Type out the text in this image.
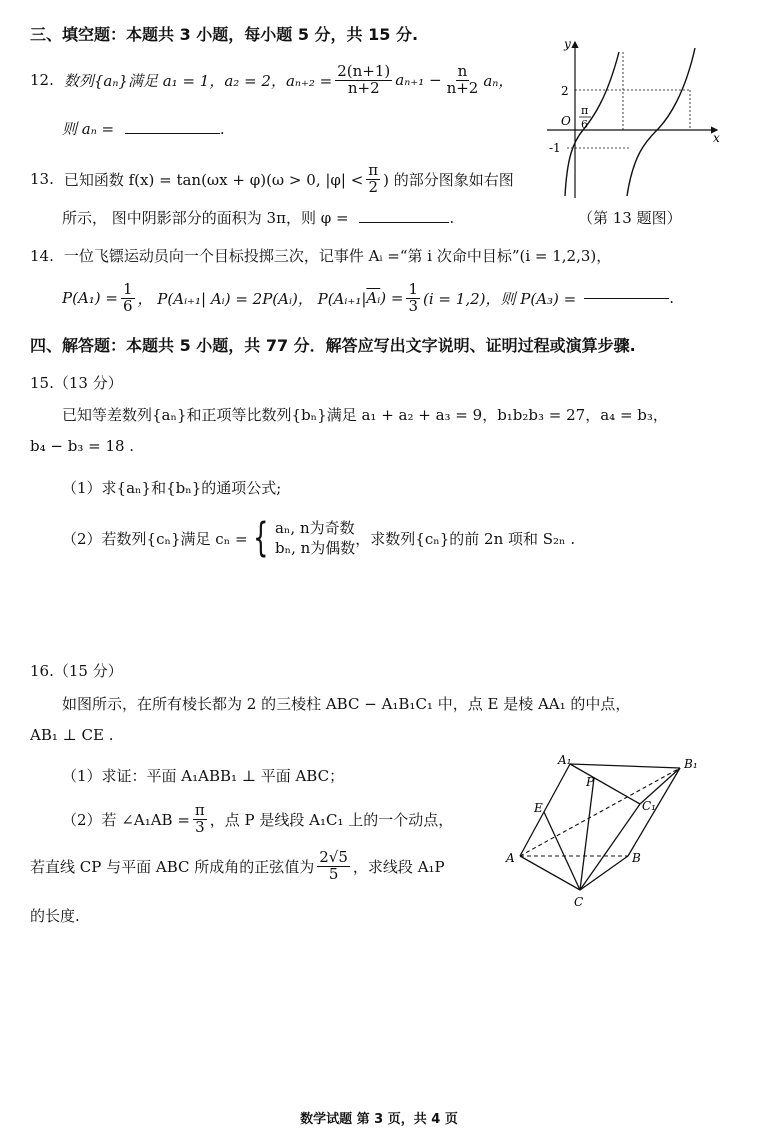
三、填空题：本题共 3 小题，每小题 5 分，共 15 分.
12. 数列{aₙ}满足 a₁ = 1，a₂ = 2，$a_{n+2} = \frac{2(n+1)}{n+2} a_{n+1} - \frac{n}{n+2}$ aₙ，
则 aₙ =	.
13. 已知函数 f(x) = tan(ωx + φ)(ω > 0, $|\varphi| < \frac{\pi}{2}$ ) 的部分图象如右图
所示， 图中阴影部分的面积为 3π，则 φ =	.
y
x
O
2
-1
π
6
（第 13 题图）
14. 一位飞镖运动员向一个目标投掷三次，记事件 Aᵢ =“第 i 次命中目标”(i = 1,2,3)，
$P(A_1) = \frac{1}{6}$ ， P(Aᵢ₊₁| Aᵢ) = 2P(Aᵢ)， P(Aᵢ₊₁| $\overline{Aᵢ}$ ) = $\frac{1}{3} (i = 1,2)$，则 P(A₃) =	.
四、解答题：本题共 5 小题，共 77 分．解答应写出文字说明、证明过程或演算步骤.
15.（13 分）
已知等差数列{aₙ}和正项等比数列{bₙ}满足 a₁ + a₂ + a₃ = 9，b₁b₂b₃ = 27，a₄ = b₃，
b₄ − b₃ = 18 .
（1）求{aₙ}和{bₙ}的通项公式;
（2）若数列{cₙ}满足 cₙ = { aₙ, n为奇数
bₙ, n为偶数
，求数列{cₙ}的前 2n 项和 S₂ₙ .
16.（15 分）
如图所示，在所有棱长都为 2 的三棱柱 ABC − A₁B₁C₁ 中，点 E 是棱 AA₁ 的中点，
AB₁ ⊥ CE .
（1）求证：平面 A₁ABB₁ ⊥ 平面 ABC；
（2）若 ∠A₁AB = $\frac{\pi}{3}$ ，点 P 是线段 A₁C₁ 上的一个动点，
若直线 CP 与平面 ABC 所成角的正弦值为 $\frac{2√5}{5}$ ，求线段 A₁P
的长度.
A₁	B₁
C₁
P
E
A	B
C
数学试题 第 3 页，共 4 页
